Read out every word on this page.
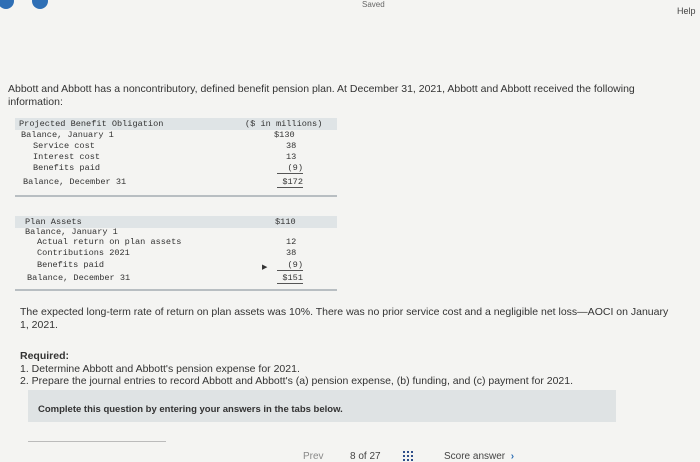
Saved
Help
Abbott and Abbott has a noncontributory, defined benefit pension plan. At December 31, 2021, Abbott and Abbott received the following information:
Projected Benefit Obligation	($ in millions)
Balance, January 1	$130
Service cost	38
Interest cost	13
Benefits paid	(9)
Balance, December 31	$172
Plan Assets	$110
Balance, January 1
Actual return on plan assets	12
Contributions 2021	38
Benefits paid	(9)
Balance, December 31	$151
▶
The expected long-term rate of return on plan assets was 10%. There was no prior service cost and a negligible net loss—AOCI on January 1, 2021.
Required:
1. Determine Abbott and Abbott's pension expense for 2021.
2. Prepare the journal entries to record Abbott and Abbott's (a) pension expense, (b) funding, and (c) payment for 2021.
Complete this question by entering your answers in the tabs below.
Prev	8 of 27	Score answer  ›
